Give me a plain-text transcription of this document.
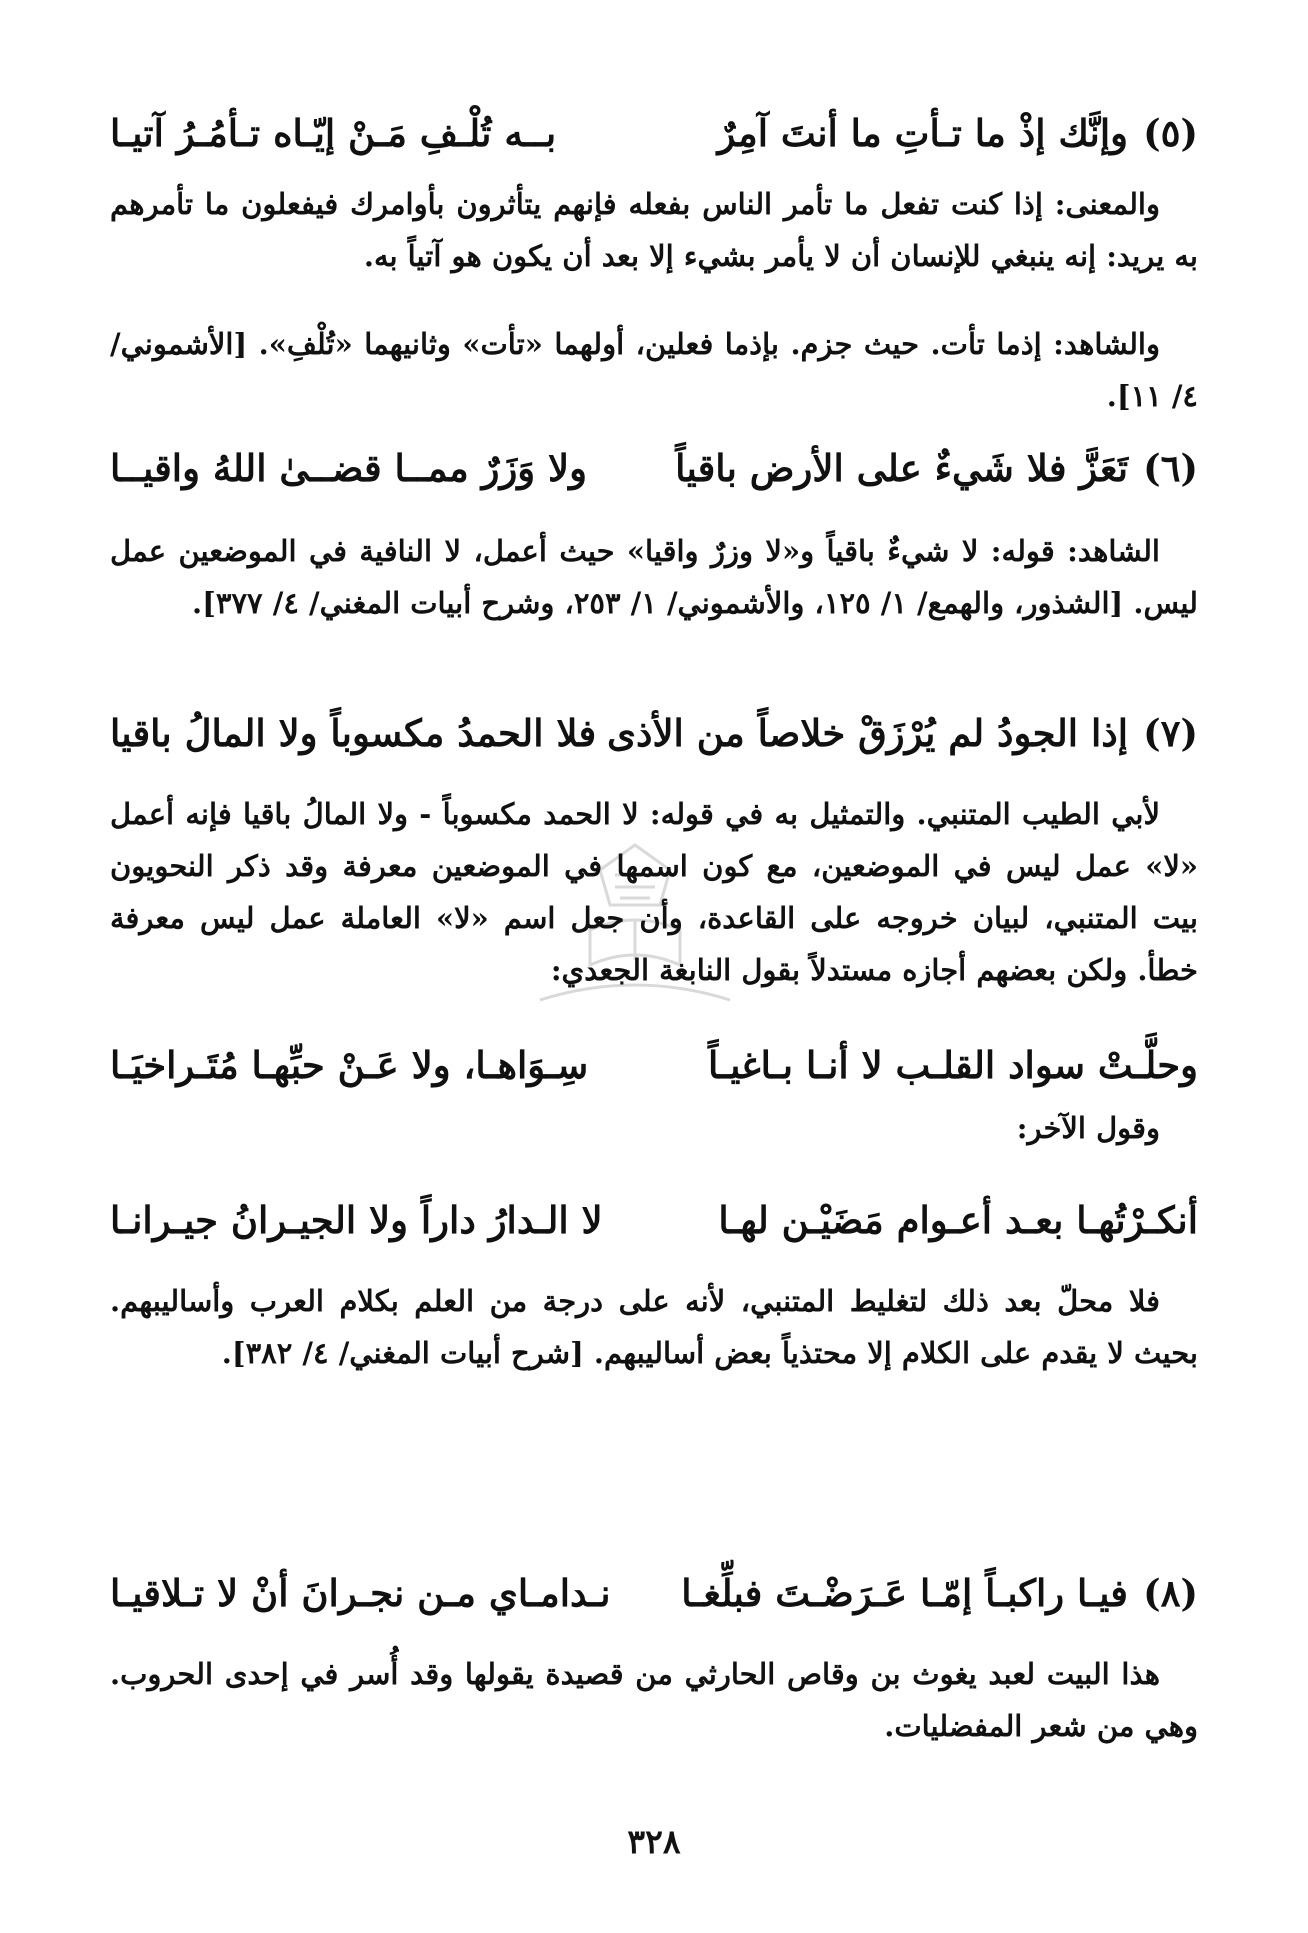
(٥)
وإنَّك إذْ ما تـأتِ ما أنتَ آمِرٌ
بــه تُلْـفِ مَـنْ إيّـاه تـأمُـرُ آتيـا

والمعنى: إذا كنت تفعل ما تأمر الناس بفعله فإنهم يتأثرون بأوامرك فيفعلون ما تأمرهم به يريد: إنه ينبغي للإنسان أن لا يأمر بشيء إلا بعد أن يكون هو آتياً به.

والشاهد: إذما تأت. حيث جزم. بإذما فعلين، أولهما «تأت» وثانيهما «تُلْفِ». [الأشموني/ ٤/ ١١].

(٦)
تَعَزَّ فلا شَيءٌ على الأرض باقياً
ولا وَزَرٌ ممــا قضــىٰ اللهُ واقيــا

الشاهد: قوله: لا شيءٌ باقياً و«لا وزرٌ واقيا» حيث أعمل، لا النافية في الموضعين عمل ليس. [الشذور، والهمع/ ١/ ١٢٥، والأشموني/ ١/ ٢٥٣، وشرح أبيات المغني/ ٤/ ٣٧٧].

(٧)
إذا الجودُ لم يُرْزَقْ خلاصاً من الأذى
فلا الحمدُ مكسوباً ولا المالُ باقيا

لأبي الطيب المتنبي. والتمثيل به في قوله: لا الحمد مكسوباً - ولا المالُ باقيا فإنه أعمل «لا» عمل ليس في الموضعين، مع كون اسمها في الموضعين معرفة وقد ذكر النحويون بيت المتنبي، لبيان خروجه على القاعدة، وأن جعل اسم «لا» العاملة عمل ليس معرفة خطأ. ولكن بعضهم أجازه مستدلاً بقول النابغة الجعدي:

وحلَّـتْ سواد القلـب لا أنـا بـاغيـاً
سِـوَاهـا، ولا عَـنْ حبِّهـا مُتَـراخيَـا
وقول الآخر:
أنكـرْتُهـا بعـد أعـوام مَضَيْـن لهـا
لا الـدارُ داراً ولا الجيـرانُ جيـرانـا

فلا محلّ بعد ذلك لتغليط المتنبي، لأنه على درجة من العلم بكلام العرب وأساليبهم. بحيث لا يقدم على الكلام إلا محتذياً بعض أساليبهم. [شرح أبيات المغني/ ٤/ ٣٨٢].

(٨)
فيـا راكبـاً إمّـا عَـرَضْـتَ فبلِّغـا
نـدامـاي مـن نجـرانَ أنْ لا تـلاقيـا

هذا البيت لعبد يغوث بن وقاص الحارثي من قصيدة يقولها وقد أُسر في إحدى الحروب. وهي من شعر المفضليات.

٣٢٨
